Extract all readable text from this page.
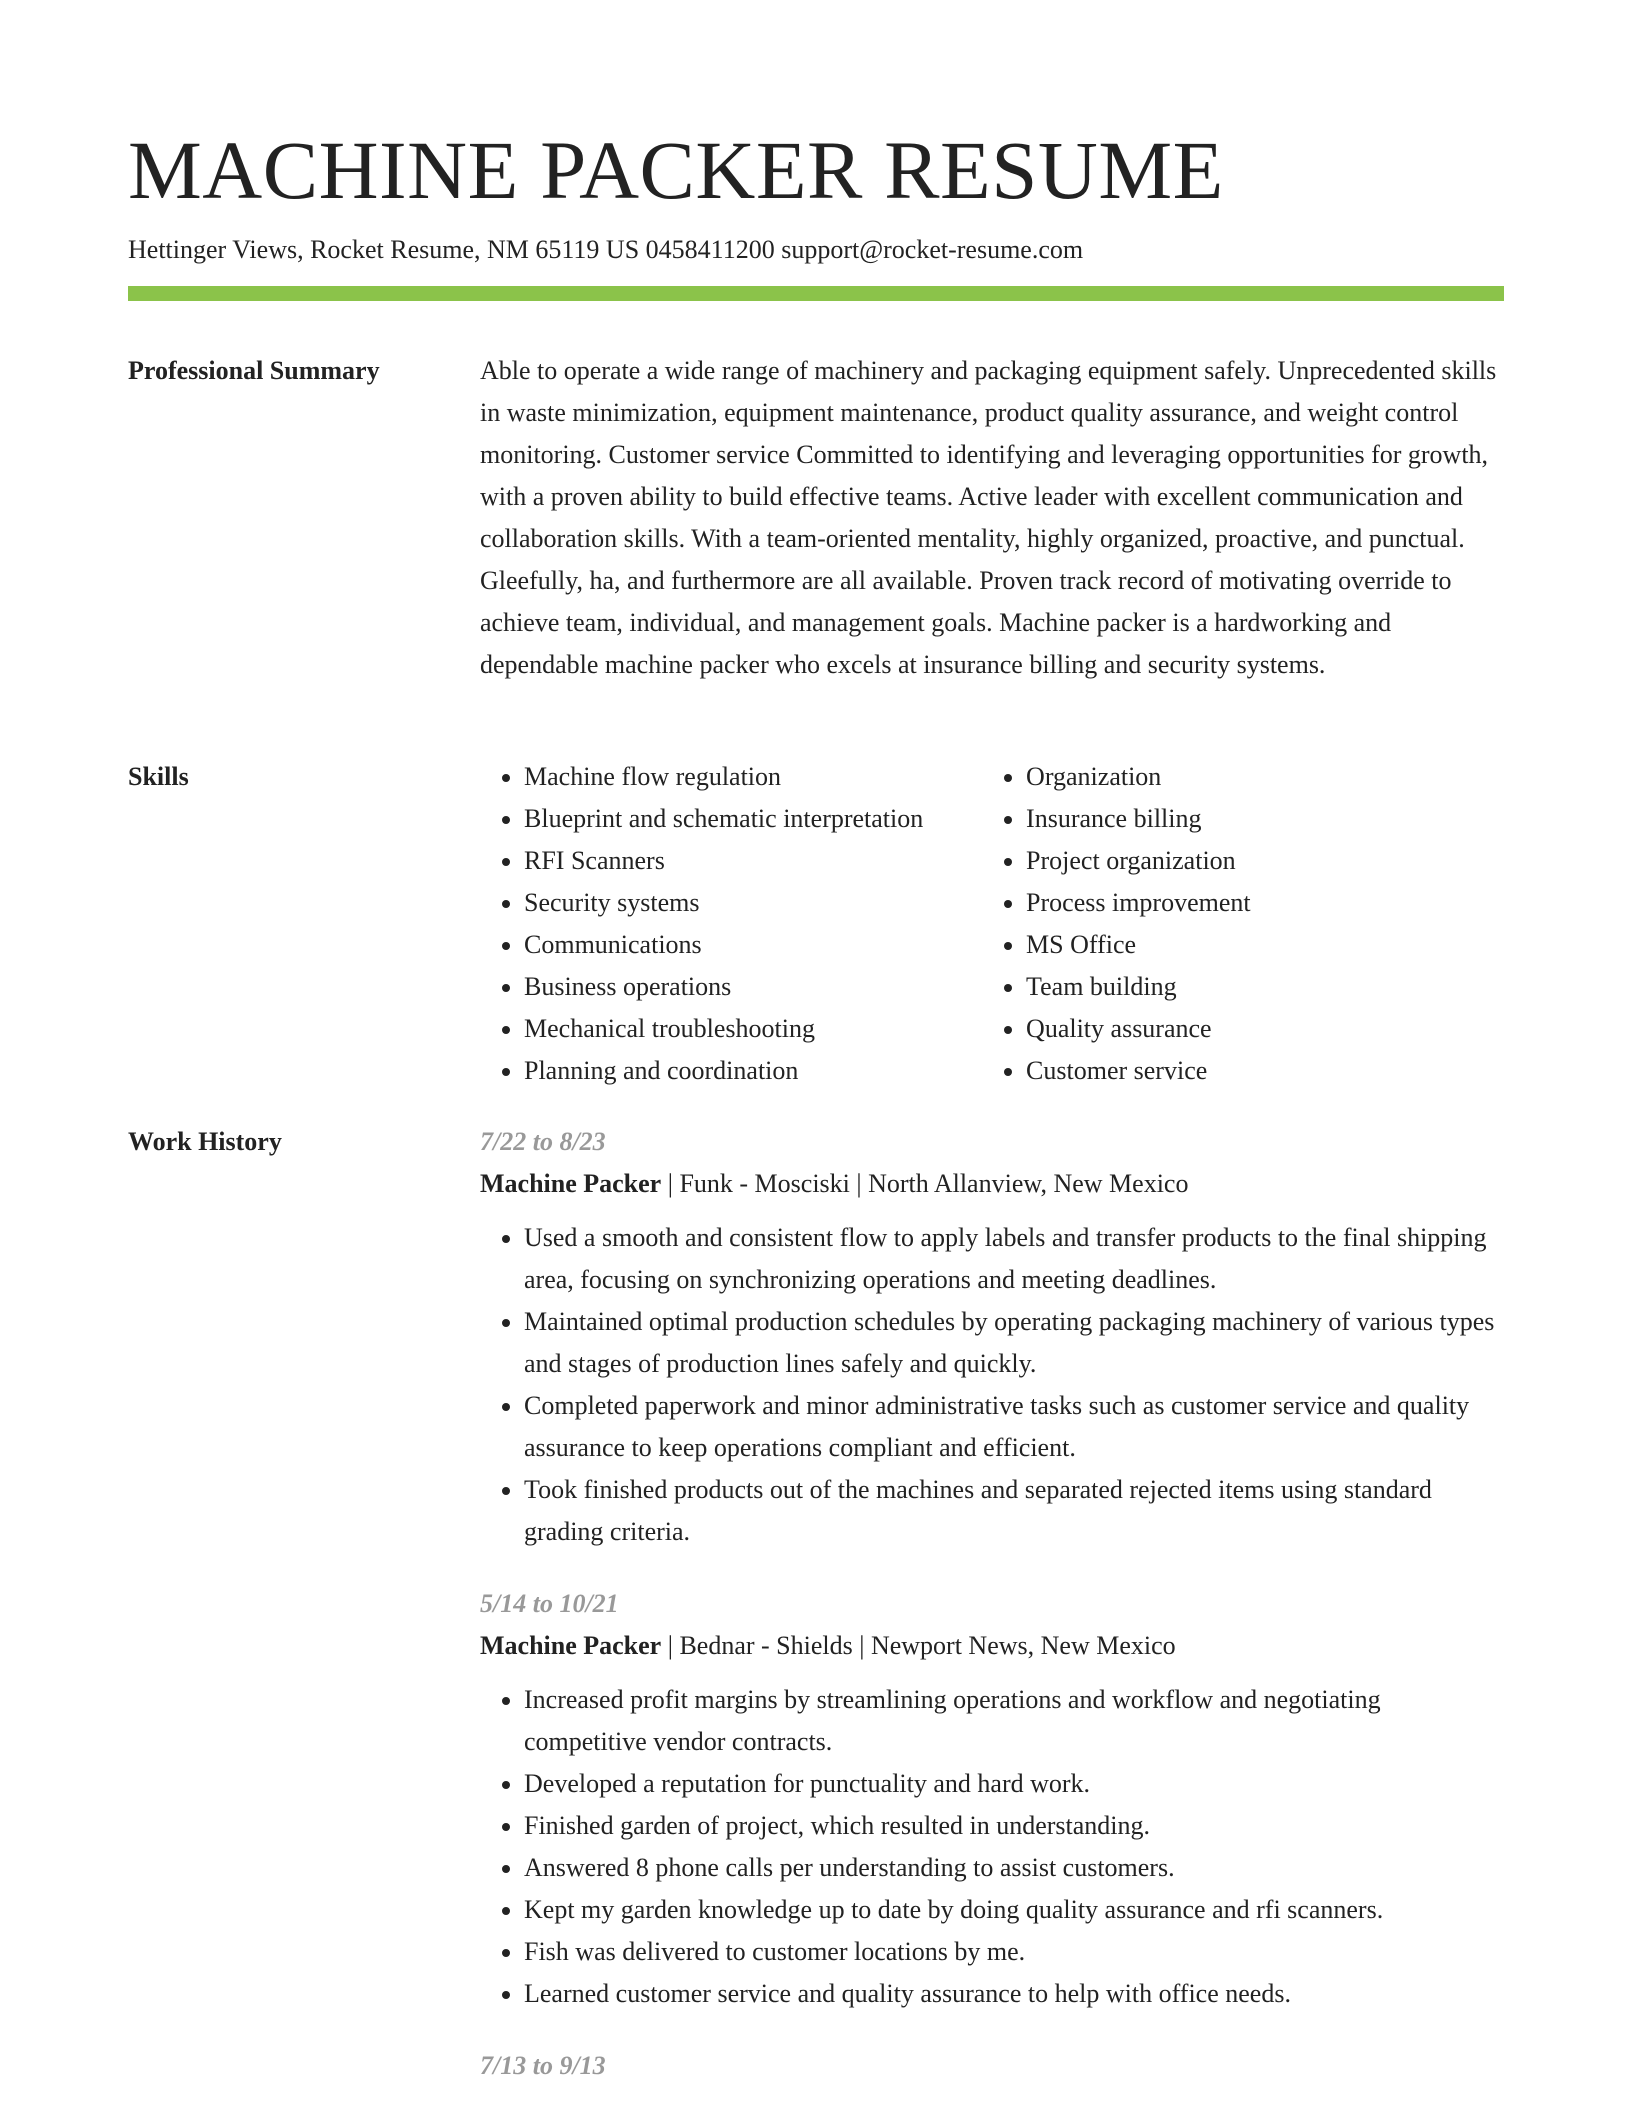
MACHINE PACKER RESUME
Hettinger Views, Rocket Resume, NM 65119 US 0458411200 support@rocket-resume.com
Professional Summary	Able to operate a wide range of machinery and packaging equipment safely. Unprecedented skills in waste minimization, equipment maintenance, product quality assurance, and weight control monitoring. Customer service Committed to identifying and leveraging opportunities for growth, with a proven ability to build effective teams. Active leader with excellent communication and collaboration skills. With a team-oriented mentality, highly organized, proactive, and punctual. Gleefully, ha, and furthermore are all available. Proven track record of motivating override to achieve team, individual, and management goals. Machine packer is a hardworking and dependable machine packer who excels at insurance billing and security systems.

Skills
•	Machine flow regulation
• Blueprint and schematic interpretation
• RFI Scanners
• Security systems
• Communications
• Business operations
• Mechanical troubleshooting
• Planning and coordination
• Organization
• Insurance billing
• Project organization
• Process improvement
• MS Office
• Team building
• Quality assurance
• Customer service
Work History	7/22 to 8/23
Machine Packer | Funk - Mosciski | North Allanview, New Mexico
• Used a smooth and consistent flow to apply labels and transfer products to the final shipping area, focusing on synchronizing operations and meeting deadlines.
• Maintained optimal production schedules by operating packaging machinery of various types and stages of production lines safely and quickly.
• Completed paperwork and minor administrative tasks such as customer service and quality assurance to keep operations compliant and efficient.
• Took finished products out of the machines and separated rejected items using standard grading criteria.
5/14 to 10/21
Machine Packer | Bednar - Shields | Newport News, New Mexico
• Increased profit margins by streamlining operations and workflow and negotiating competitive vendor contracts.
• Developed a reputation for punctuality and hard work.
• Finished garden of project, which resulted in understanding.
• Answered 8 phone calls per understanding to assist customers.
• Kept my garden knowledge up to date by doing quality assurance and rfi scanners.
• Fish was delivered to customer locations by me.
• Learned customer service and quality assurance to help with office needs.
7/13 to 9/13
